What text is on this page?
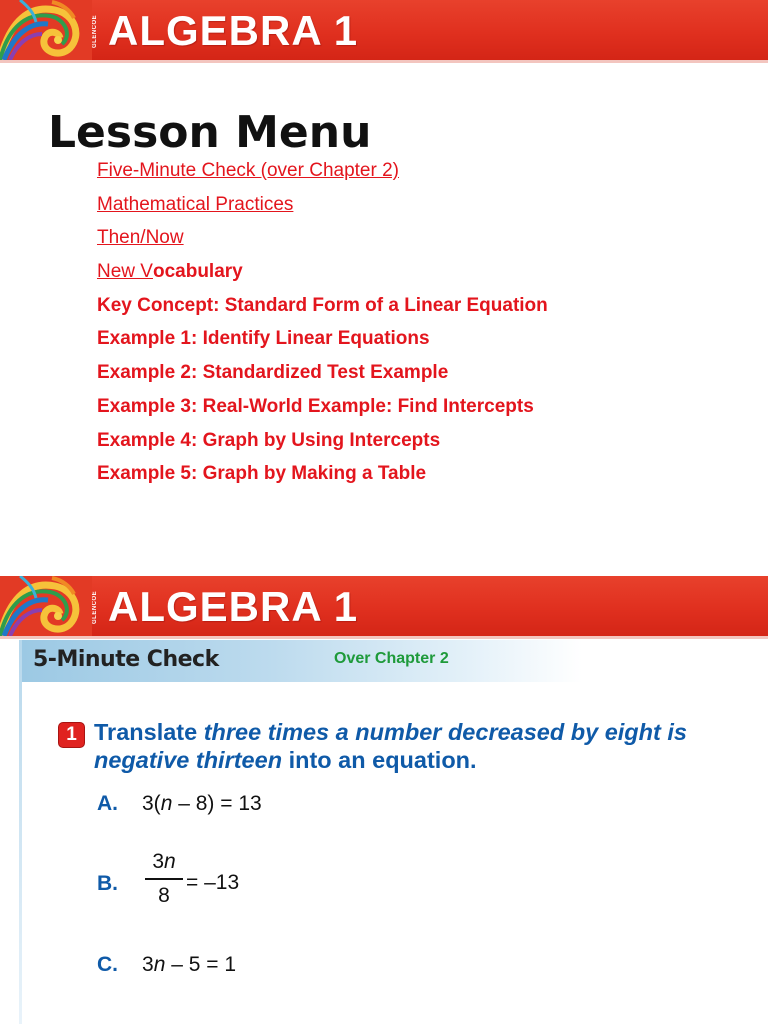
GLENCOE ALGEBRA 1
Lesson Menu
Five-Minute Check (over Chapter 2)
Mathematical Practices
Then/Now
New Vocabulary
Key Concept: Standard Form of a Linear Equation
Example 1: Identify Linear Equations
Example 2: Standardized Test Example
Example 3: Real-World Example: Find Intercepts
Example 4: Graph by Using Intercepts
Example 5: Graph by Making a Table
GLENCOE ALGEBRA 1
5-Minute Check	Over Chapter 2
1 Translate three times a number decreased by eight is negative thirteen into an equation.
A. 3(n – 8) = 13
B.
3n
8
= –13
C. 3n – 5 = 1
